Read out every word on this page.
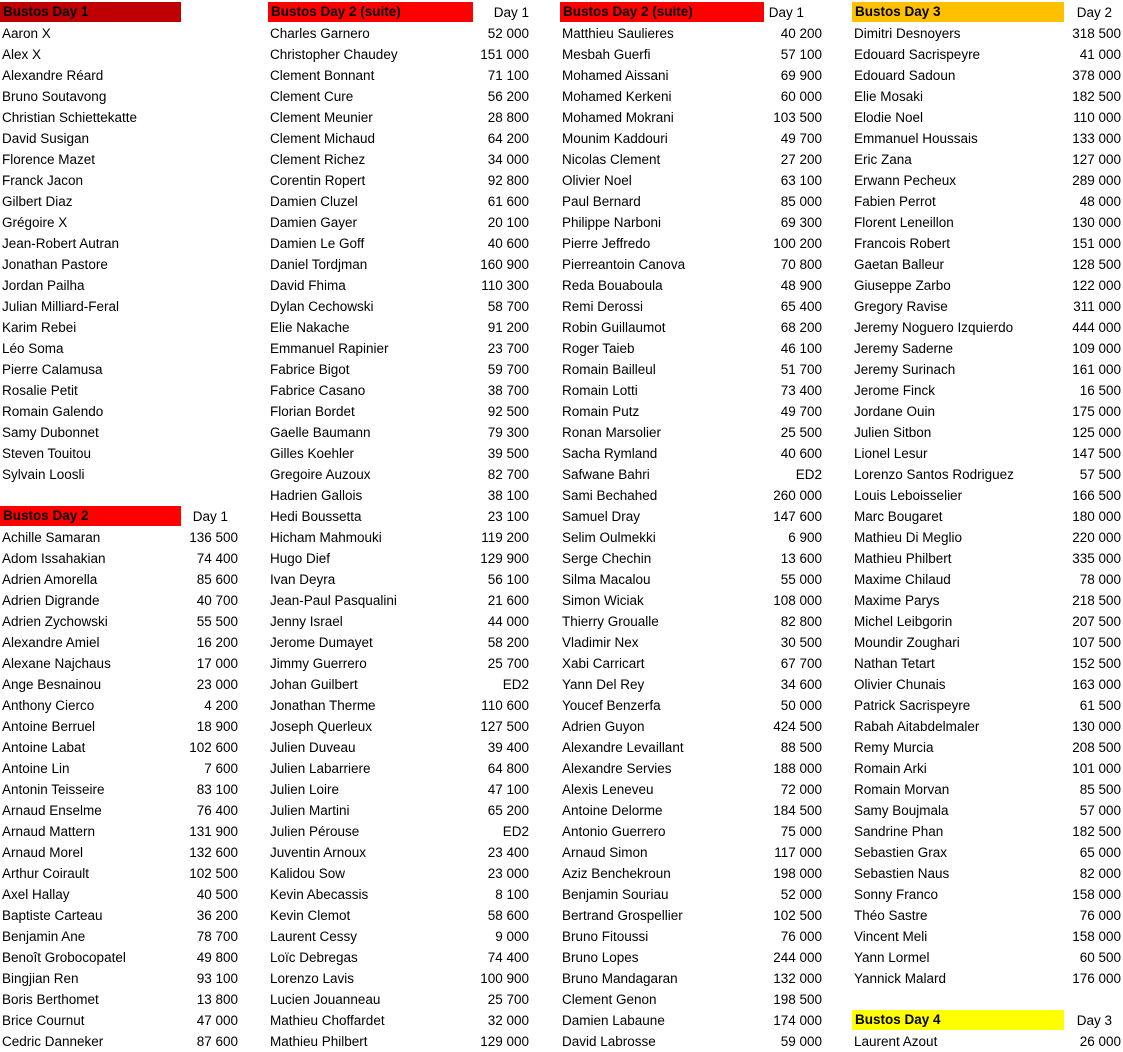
Bustos Day 1
Aaron X
Alex X
Alexandre Réard
Bruno Soutavong
Christian Schiettekatte
David Susigan
Florence Mazet
Franck Jacon
Gilbert Diaz
Grégoire X
Jean-Robert Autran
Jonathan Pastore
Jordan Pailha
Julian Milliard-Feral
Karim Rebei
Léo Soma
Pierre Calamusa
Rosalie Petit
Romain Galendo
Samy Dubonnet
Steven Touitou
Sylvain Loosli
Bustos Day 2	Day 1
Achille Samaran	136 500
Adom Issahakian	74 400
Adrien Amorella	85 600
Adrien Digrande	40 700
Adrien Zychowski	55 500
Alexandre Amiel	16 200
Alexane Najchaus	17 000
Ange Besnainou	23 000
Anthony Cierco	4 200
Antoine Berruel	18 900
Antoine Labat	102 600
Antoine Lin	7 600
Antonin Teisseire	83 100
Arnaud Enselme	76 400
Arnaud Mattern	131 900
Arnaud Morel	132 600
Arthur Coirault	102 500
Axel Hallay	40 500
Baptiste Carteau	36 200
Benjamin Ane	78 700
Benoît Grobocopatel	49 800
Bingjian Ren	93 100
Boris Berthomet	13 800
Brice Cournut	47 000
Cedric Danneker	87 600
Bustos Day 2 (suite)	Day 1
Charles Garnero	52 000
Christopher Chaudey	151 000
Clement Bonnant	71 100
Clement Cure	56 200
Clement Meunier	28 800
Clement Michaud	64 200
Clement Richez	34 000
Corentin Ropert	92 800
Damien Cluzel	61 600
Damien Gayer	20 100
Damien Le Goff	40 600
Daniel Tordjman	160 900
David Fhima	110 300
Dylan Cechowski	58 700
Elie Nakache	91 200
Emmanuel Rapinier	23 700
Fabrice Bigot	59 700
Fabrice Casano	38 700
Florian Bordet	92 500
Gaelle Baumann	79 300
Gilles Koehler	39 500
Gregoire Auzoux	82 700
Hadrien Gallois	38 100
Hedi Boussetta	23 100
Hicham Mahmouki	119 200
Hugo Dief	129 900
Ivan Deyra	56 100
Jean-Paul Pasqualini	21 600
Jenny Israel	44 000
Jerome Dumayet	58 200
Jimmy Guerrero	25 700
Johan Guilbert	ED2
Jonathan Therme	110 600
Joseph Querleux	127 500
Julien Duveau	39 400
Julien Labarriere	64 800
Julien Loire	47 100
Julien Martini	65 200
Julien Pérouse	ED2
Juventin Arnoux	23 400
Kalidou Sow	23 000
Kevin Abecassis	8 100
Kevin Clemot	58 600
Laurent Cessy	9 000
Loïc Debregas	74 400
Lorenzo Lavis	100 900
Lucien Jouanneau	25 700
Mathieu Choffardet	32 000
Mathieu Philbert	129 000
Bustos Day 2 (suite)	Day 1
Matthieu Saulieres	40 200
Mesbah Guerfi	57 100
Mohamed Aissani	69 900
Mohamed Kerkeni	60 000
Mohamed Mokrani	103 500
Mounim Kaddouri	49 700
Nicolas Clement	27 200
Olivier Noel	63 100
Paul Bernard	85 000
Philippe Narboni	69 300
Pierre Jeffredo	100 200
Pierreantoin Canova	70 800
Reda Bouaboula	48 900
Remi Derossi	65 400
Robin Guillaumot	68 200
Roger Taieb	46 100
Romain Bailleul	51 700
Romain Lotti	73 400
Romain Putz	49 700
Ronan Marsolier	25 500
Sacha Rymland	40 600
Safwane Bahri	ED2
Sami Bechahed	260 000
Samuel Dray	147 600
Selim Oulmekki	6 900
Serge Chechin	13 600
Silma Macalou	55 000
Simon Wiciak	108 000
Thierry Groualle	82 800
Vladimir Nex	30 500
Xabi Carricart	67 700
Yann Del Rey	34 600
Youcef Benzerfa	50 000
Adrien Guyon	424 500
Alexandre Levaillant	88 500
Alexandre Servies	188 000
Alexis Leneveu	72 000
Antoine Delorme	184 500
Antonio Guerrero	75 000
Arnaud Simon	117 000
Aziz Benchekroun	198 000
Benjamin Souriau	52 000
Bertrand Grospellier	102 500
Bruno Fitoussi	76 000
Bruno Lopes	244 000
Bruno Mandagaran	132 000
Clement Genon	198 500
Damien Labaune	174 000
David Labrosse	59 000
Bustos Day 3	Day 2
Dimitri Desnoyers	318 500
Edouard Sacrispeyre	41 000
Edouard Sadoun	378 000
Elie Mosaki	182 500
Elodie Noel	110 000
Emmanuel Houssais	133 000
Eric Zana	127 000
Erwann Pecheux	289 000
Fabien Perrot	48 000
Florent Leneillon	130 000
Francois Robert	151 000
Gaetan Balleur	128 500
Giuseppe Zarbo	122 000
Gregory Ravise	311 000
Jeremy Noguero Izquierdo	444 000
Jeremy Saderne	109 000
Jeremy Surinach	161 000
Jerome Finck	16 500
Jordane Ouin	175 000
Julien Sitbon	125 000
Lionel Lesur	147 500
Lorenzo Santos Rodriguez	57 500
Louis Leboisselier	166 500
Marc Bougaret	180 000
Mathieu Di Meglio	220 000
Mathieu Philbert	335 000
Maxime Chilaud	78 000
Maxime Parys	218 500
Michel Leibgorin	207 500
Moundir Zoughari	107 500
Nathan Tetart	152 500
Olivier Chunais	163 000
Patrick Sacrispeyre	61 500
Rabah Aitabdelmaler	130 000
Remy Murcia	208 500
Romain Arki	101 000
Romain Morvan	85 500
Samy Boujmala	57 000
Sandrine Phan	182 500
Sebastien Grax	65 000
Sebastien Naus	82 000
Sonny Franco	158 000
Théo Sastre	76 000
Vincent Meli	158 000
Yann Lormel	60 500
Yannick Malard	176 000
Bustos Day 4	Day 3
Laurent Azout	26 000
